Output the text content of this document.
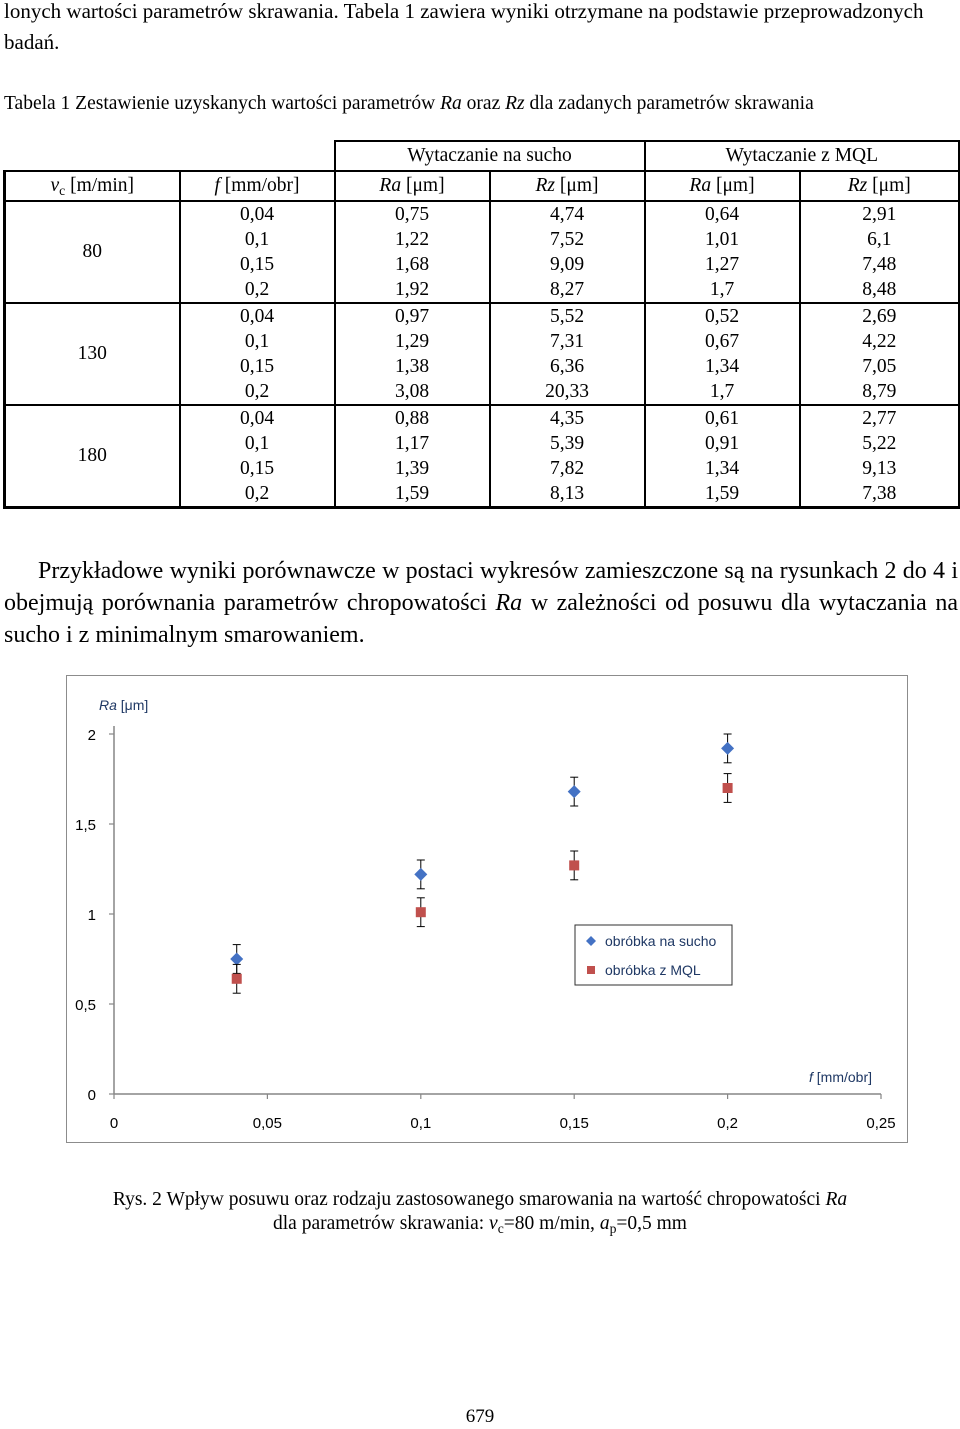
lonych wartości parametrów skrawania. Tabela 1 zawiera wyniki otrzymane na podstawie przeprowadzonych badań.

Tabela 1 Zestawienie uzyskanych wartości parametrów Ra oraz Rz dla zadanych parametrów skrawania

		Wytaczanie na sucho		Wytaczanie z MQL	
$v_c$ [m/min]	f [mm/obr]	Ra [μm]	Rz [μm]	Ra [μm]	Rz [μm]
80	0,04	0,75	4,74	0,64	2,91
	0,1	1,22	7,52	1,01	6,1
	0,15	1,68	9,09	1,27	7,48
	0,2	1,92	8,27	1,7	8,48
130	0,04	0,97	5,52	0,52	2,69
	0,1	1,29	7,31	0,67	4,22
	0,15	1,38	6,36	1,34	7,05
	0,2	3,08	20,33	1,7	8,79
180	0,04	0,88	4,35	0,61	2,77
	0,1	1,17	5,39	0,91	5,22
	0,15	1,39	7,82	1,34	9,13
	0,2	1,59	8,13	1,59	7,38

Przykładowe wyniki porównawcze w postaci wykresów zamieszczone są na rysunkach 2 do 4 i obejmują porównania parametrów chropowatości Ra w zależności od posuwu dla wytaczania na sucho i z minimalnym smarowaniem.

0
0,5
1
1,5
2
0	0,05	0,1	0,15	0,2	0,25
Ra [μm]
f [mm/obr]
obróbka na sucho
obróbka z MQL
Rys. 2 Wpływ posuwu oraz rodzaju zastosowanego smarowania na wartość chropowatości Ra
dla parametrów skrawania: $v_c=80$ m/min, $a_p=0,5$ mm
679
